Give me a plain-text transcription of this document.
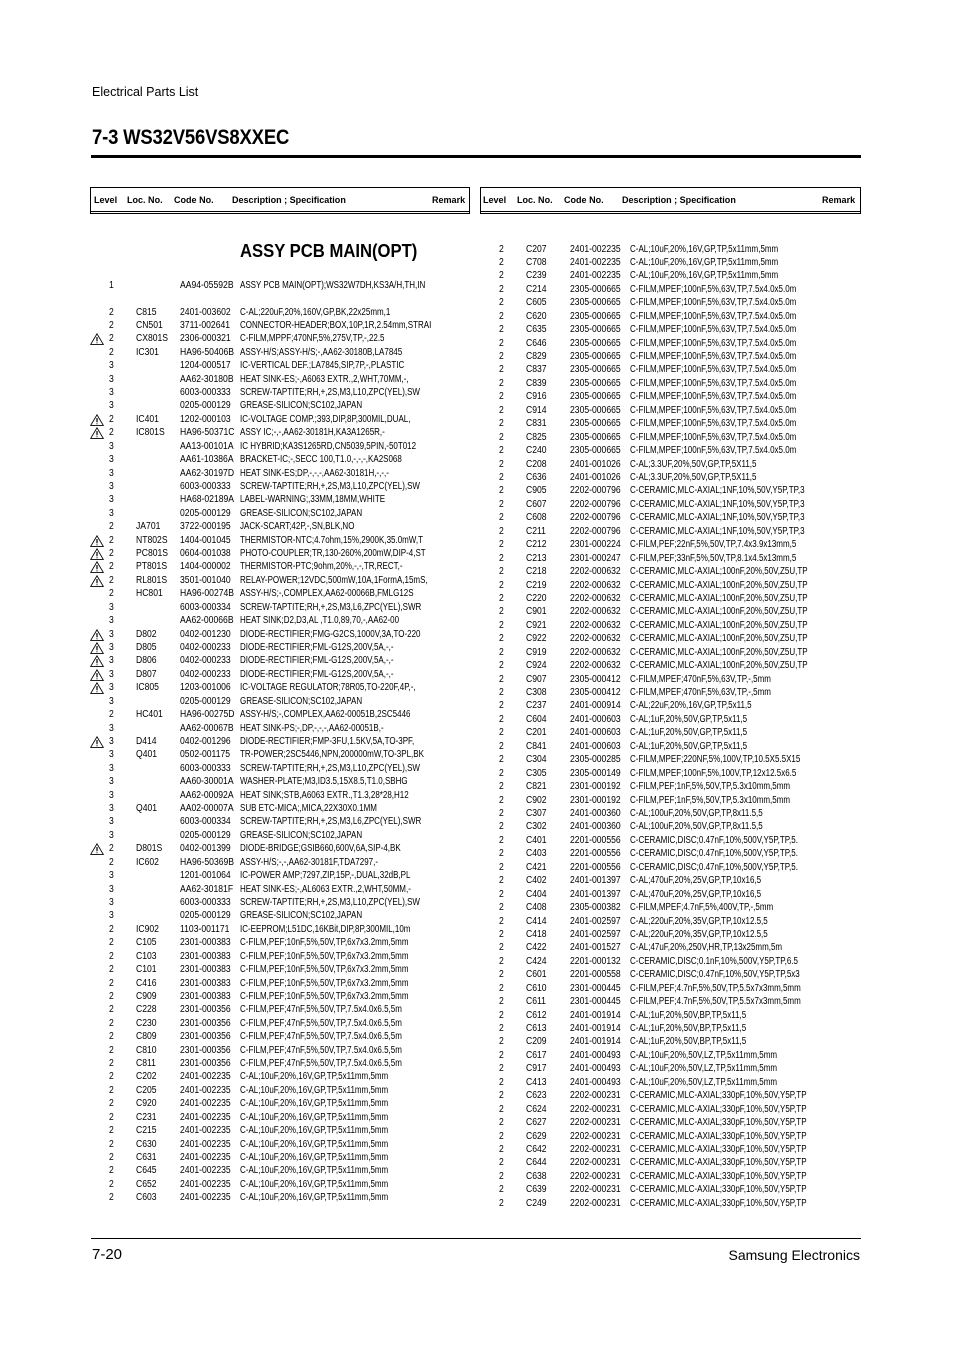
Electrical Parts List
7-3 WS32V56VS8XXEC
Level Loc. No. Code No. Description ; Specification	Remark Level Loc. No. Code No. Description ; Specification	Remark
ASSY PCB MAIN(OPT)
1	AA94-05592B ASSY PCB MAIN(OPT);WS32W7DH,KS3A/H,TH,IN
2 C815	2401-003602 C-AL;220uF,20%,160V,GP,BK,22x25mm,1
2 CN501	3711-002641 CONNECTOR-HEADER;BOX,10P,1R,2.54mm,STRAI
2 CX801S	2306-000321 C-FILM,MPPF;470NF,5%,275V,TP,-,22.5
2 IC301	HA96-50406B ASSY-H/S;ASSY-H/S;-,AA62-30180B,LA7845
3	1204-000517 IC-VERTICAL DEF.;LA7845,SIP,7P,-,PLASTIC
3	AA62-30180B HEAT SINK-ES;-,A6063 EXTR.,2,WHT,70MM,-,
3	6003-000333 SCREW-TAPTITE;RH,+,2S,M3,L10,ZPC(YEL),SW
3	0205-000129 GREASE-SILICON;SC102,JAPAN
2 IC401	1202-000103 IC-VOLTAGE COMP.;393,DIP,8P,300MIL,DUAL,
2 IC801S	HA96-50371C ASSY IC;-,-,AA62-30181H,KA3A1265R,-
3	AA13-00101A IC HYBRID;KA3S1265RD,CN5039,5PIN,-50T012
3	AA61-10386A BRACKET-IC;-,SECC 100,T1.0,-,-,-,KA2S068
3	AA62-30197D HEAT SINK-ES;DP,-,-,-,AA62-30181H,-,-,-
3	6003-000333 SCREW-TAPTITE;RH,+,2S,M3,L10,ZPC(YEL),SW
3	HA68-02189A LABEL-WARNING;,33MM,18MM,WHITE
3	0205-000129 GREASE-SILICON;SC102,JAPAN
2 JA701	3722-000195 JACK-SCART;42P,-,SN,BLK,NO
2 NT802S	1404-001045 THERMISTOR-NTC;4.7ohm,15%,2900K,35.0mW,T
2 PC801S	0604-001038 PHOTO-COUPLER;TR,130-260%,200mW,DIP-4,ST
2 PT801S	1404-000002 THERMISTOR-PTC;9ohm,20%,-,-,TR,RECT,-
2 RL801S	3501-001040 RELAY-POWER;12VDC,500mW,10A,1FormA,15mS,
2 HC801	HA96-00274B ASSY-H/S;-,COMPLEX,AA62-00066B,FMLG12S
3	6003-000334 SCREW-TAPTITE;RH,+,2S,M3,L6,ZPC(YEL),SWR
3	AA62-00066B HEAT SINK;D2,D3,AL ,T1.0,89,70,-,AA62-00
3 D802	0402-001230 DIODE-RECTIFIER;FMG-G2CS,1000V,3A,TO-220
3 D805	0402-000233 DIODE-RECTIFIER;FML-G12S,200V,5A,-,-
3 D806	0402-000233 DIODE-RECTIFIER;FML-G12S,200V,5A,-,-
3 D807	0402-000233 DIODE-RECTIFIER;FML-G12S,200V,5A,-,-
3 IC805	1203-001006 IC-VOLTAGE REGULATOR;78R05,TO-220F,4P,-,
3	0205-000129 GREASE-SILICON;SC102,JAPAN
2 HC401	HA96-00275D ASSY-H/S;-,COMPLEX,AA62-00051B,2SC5446
3	AA62-00067B HEAT SINK-PS;-,DP,-,-,-,AA62-00051B,-
3 D414	0402-001296 DIODE-RECTIFIER;FMP-3FU,1.5KV,5A,TO-3PF,
3 Q401	0502-001175 TR-POWER;2SC5446,NPN,200000mW,TO-3PL,BK
3	6003-000333 SCREW-TAPTITE;RH,+,2S,M3,L10,ZPC(YEL),SW
3	AA60-30001A WASHER-PLATE;M3,ID3.5,15X8.5,T1.0,SBHG
3	AA62-00092A HEAT SINK;STB,A6063 EXTR.,T1.3,28*28,H12
3 Q401	AA02-00007A SUB ETC-MICA;,MICA,22X30X0.1MM
3	6003-000334 SCREW-TAPTITE;RH,+,2S,M3,L6,ZPC(YEL),SWR
3	0205-000129 GREASE-SILICON;SC102,JAPAN
2 D801S	0402-001399 DIODE-BRIDGE;GSIB660,600V,6A,SIP-4,BK
2 IC602	HA96-50369B ASSY-H/S;-,-,AA62-30181F,TDA7297,-
3	1201-001064 IC-POWER AMP;7297,ZIP,15P,-,DUAL,32dB,PL
3	AA62-30181F HEAT SINK-ES;-,AL6063 EXTR.,2,WHT,50MM,-
3	6003-000333 SCREW-TAPTITE;RH,+,2S,M3,L10,ZPC(YEL),SW
3	0205-000129 GREASE-SILICON;SC102,JAPAN
2 IC902	1103-001171	IC-EEPROM;L51DC,16KBit,DIP,8P,300MIL,10m
2 C105	2301-000383 C-FILM,PEF;10nF,5%,50V,TP,6x7x3.2mm,5mm
2 C103	2301-000383 C-FILM,PEF;10nF,5%,50V,TP,6x7x3.2mm,5mm
2 C101	2301-000383 C-FILM,PEF;10nF,5%,50V,TP,6x7x3.2mm,5mm
2 C416	2301-000383 C-FILM,PEF;10nF,5%,50V,TP,6x7x3.2mm,5mm
2 C909	2301-000383 C-FILM,PEF;10nF,5%,50V,TP,6x7x3.2mm,5mm
2 C228	2301-000356 C-FILM,PEF;47nF,5%,50V,TP,7.5x4.0x6.5,5m
2 C230	2301-000356 C-FILM,PEF;47nF,5%,50V,TP,7.5x4.0x6.5,5m
2 C809	2301-000356 C-FILM,PEF;47nF,5%,50V,TP,7.5x4.0x6.5,5m
2 C810	2301-000356 C-FILM,PEF;47nF,5%,50V,TP,7.5x4.0x6.5,5m
2 C811	2301-000356 C-FILM,PEF;47nF,5%,50V,TP,7.5x4.0x6.5,5m
2 C202	2401-002235 C-AL;10uF,20%,16V,GP,TP,5x11mm,5mm
2 C205	2401-002235 C-AL;10uF,20%,16V,GP,TP,5x11mm,5mm
2 C920	2401-002235 C-AL;10uF,20%,16V,GP,TP,5x11mm,5mm
2 C231	2401-002235 C-AL;10uF,20%,16V,GP,TP,5x11mm,5mm
2 C215	2401-002235 C-AL;10uF,20%,16V,GP,TP,5x11mm,5mm
2 C630	2401-002235 C-AL;10uF,20%,16V,GP,TP,5x11mm,5mm
2 C631	2401-002235 C-AL;10uF,20%,16V,GP,TP,5x11mm,5mm
2 C645	2401-002235 C-AL;10uF,20%,16V,GP,TP,5x11mm,5mm
2 C652	2401-002235 C-AL;10uF,20%,16V,GP,TP,5x11mm,5mm
2 C603	2401-002235 C-AL;10uF,20%,16V,GP,TP,5x11mm,5mm
2 C207	2401-002235 C-AL;10uF,20%,16V,GP,TP,5x11mm,5mm
2 C708	2401-002235 C-AL;10uF,20%,16V,GP,TP,5x11mm,5mm
2 C239	2401-002235 C-AL;10uF,20%,16V,GP,TP,5x11mm,5mm
2 C214	2305-000665 C-FILM,MPEF;100nF,5%,63V,TP,7.5x4.0x5.0m
2 C605	2305-000665 C-FILM,MPEF;100nF,5%,63V,TP,7.5x4.0x5.0m
2 C620	2305-000665 C-FILM,MPEF;100nF,5%,63V,TP,7.5x4.0x5.0m
2 C635	2305-000665 C-FILM,MPEF;100nF,5%,63V,TP,7.5x4.0x5.0m
2 C646	2305-000665 C-FILM,MPEF;100nF,5%,63V,TP,7.5x4.0x5.0m
2 C829	2305-000665 C-FILM,MPEF;100nF,5%,63V,TP,7.5x4.0x5.0m
2 C837	2305-000665 C-FILM,MPEF;100nF,5%,63V,TP,7.5x4.0x5.0m
2 C839	2305-000665 C-FILM,MPEF;100nF,5%,63V,TP,7.5x4.0x5.0m
2 C916	2305-000665 C-FILM,MPEF;100nF,5%,63V,TP,7.5x4.0x5.0m
2 C914	2305-000665 C-FILM,MPEF;100nF,5%,63V,TP,7.5x4.0x5.0m
2 C831	2305-000665 C-FILM,MPEF;100nF,5%,63V,TP,7.5x4.0x5.0m
2 C825	2305-000665 C-FILM,MPEF;100nF,5%,63V,TP,7.5x4.0x5.0m
2 C240	2305-000665 C-FILM,MPEF;100nF,5%,63V,TP,7.5x4.0x5.0m
2 C208	2401-001026 C-AL;3.3UF,20%,50V,GP,TP,5X11,5
2 C636	2401-001026 C-AL;3.3UF,20%,50V,GP,TP,5X11,5
2 C905	2202-000796 C-CERAMIC,MLC-AXIAL;1NF,10%,50V,Y5P,TP,3
2 C607	2202-000796 C-CERAMIC,MLC-AXIAL;1NF,10%,50V,Y5P,TP,3
2 C608	2202-000796 C-CERAMIC,MLC-AXIAL;1NF,10%,50V,Y5P,TP,3
2 C211	2202-000796 C-CERAMIC,MLC-AXIAL;1NF,10%,50V,Y5P,TP,3
2 C212	2301-000224 C-FILM,PEF;22nF,5%,50V,TP,7.4x3.9x13mm,5
2 C213	2301-000247 C-FILM,PEF;33nF,5%,50V,TP,8.1x4.5x13mm,5
2 C218	2202-000632 C-CERAMIC,MLC-AXIAL;100nF,20%,50V,Z5U,TP
2 C219	2202-000632 C-CERAMIC,MLC-AXIAL;100nF,20%,50V,Z5U,TP
2 C220	2202-000632 C-CERAMIC,MLC-AXIAL;100nF,20%,50V,Z5U,TP
2 C901	2202-000632 C-CERAMIC,MLC-AXIAL;100nF,20%,50V,Z5U,TP
2 C921	2202-000632 C-CERAMIC,MLC-AXIAL;100nF,20%,50V,Z5U,TP
2 C922	2202-000632 C-CERAMIC,MLC-AXIAL;100nF,20%,50V,Z5U,TP
2 C919	2202-000632 C-CERAMIC,MLC-AXIAL;100nF,20%,50V,Z5U,TP
2 C924	2202-000632 C-CERAMIC,MLC-AXIAL;100nF,20%,50V,Z5U,TP
2 C907	2305-000412 C-FILM,MPEF;470nF,5%,63V,TP,-,5mm
2 C308	2305-000412 C-FILM,MPEF;470nF,5%,63V,TP,-,5mm
2 C237	2401-000914 C-AL;22uF,20%,16V,GP,TP,5x11,5
2 C604	2401-000603 C-AL;1uF,20%,50V,GP,TP,5x11,5
2 C201	2401-000603 C-AL;1uF,20%,50V,GP,TP,5x11,5
2 C841	2401-000603 C-AL;1uF,20%,50V,GP,TP,5x11,5
2 C304	2305-000285 C-FILM,MPEF;220NF,5%,100V,TP,10.5X5.5X15
2 C305	2305-000149 C-FILM,MPEF;100nF,5%,100V,TP,12x12.5x6.5
2 C821	2301-000192 C-FILM,PEF;1nF,5%,50V,TP,5.3x10mm,5mm
2 C902	2301-000192 C-FILM,PEF;1nF,5%,50V,TP,5.3x10mm,5mm
2 C307	2401-000360 C-AL;100uF,20%,50V,GP,TP,8x11.5,5
2 C302	2401-000360 C-AL;100uF,20%,50V,GP,TP,8x11.5,5
2 C401	2201-000556 C-CERAMIC,DISC;0.47nF,10%,500V,Y5P,TP,5.
2 C403	2201-000556 C-CERAMIC,DISC;0.47nF,10%,500V,Y5P,TP,5.
2 C421	2201-000556 C-CERAMIC,DISC;0.47nF,10%,500V,Y5P,TP,5.
2 C402	2401-001397 C-AL;470uF,20%,25V,GP,TP,10x16,5
2 C404	2401-001397 C-AL;470uF,20%,25V,GP,TP,10x16,5
2 C408	2305-000382 C-FILM,MPEF;4.7nF,5%,400V,TP,-,5mm
2 C414	2401-002597 C-AL;220uF,20%,35V,GP,TP,10x12.5,5
2 C418	2401-002597 C-AL;220uF,20%,35V,GP,TP,10x12.5,5
2 C422	2401-001527 C-AL;47uF,20%,250V,HR,TP,13x25mm,5m
2 C424	2201-000132 C-CERAMIC,DISC;0.1nF,10%,500V,Y5P,TP,6.5
2 C601	2201-000558 C-CERAMIC,DISC;0.47nF,10%,50V,Y5P,TP,5x3
2 C610	2301-000445 C-FILM,PEF;4.7nF,5%,50V,TP,5.5x7x3mm,5mm
2 C611	2301-000445 C-FILM,PEF;4.7nF,5%,50V,TP,5.5x7x3mm,5mm
2 C612	2401-001914 C-AL;1uF,20%,50V,BP,TP,5x11,5
2 C613	2401-001914 C-AL;1uF,20%,50V,BP,TP,5x11,5
2 C209	2401-001914 C-AL;1uF,20%,50V,BP,TP,5x11,5
2 C617	2401-000493 C-AL;10uF,20%,50V,LZ,TP,5x11mm,5mm
2 C917	2401-000493 C-AL;10uF,20%,50V,LZ,TP,5x11mm,5mm
2 C413	2401-000493 C-AL;10uF,20%,50V,LZ,TP,5x11mm,5mm
2 C623	2202-000231 C-CERAMIC,MLC-AXIAL;330pF,10%,50V,Y5P,TP
2 C624	2202-000231 C-CERAMIC,MLC-AXIAL;330pF,10%,50V,Y5P,TP
2 C627	2202-000231 C-CERAMIC,MLC-AXIAL;330pF,10%,50V,Y5P,TP
2 C629	2202-000231 C-CERAMIC,MLC-AXIAL;330pF,10%,50V,Y5P,TP
2 C642	2202-000231 C-CERAMIC,MLC-AXIAL;330pF,10%,50V,Y5P,TP
2 C644	2202-000231 C-CERAMIC,MLC-AXIAL;330pF,10%,50V,Y5P,TP
2 C638	2202-000231 C-CERAMIC,MLC-AXIAL;330pF,10%,50V,Y5P,TP
2 C639	2202-000231 C-CERAMIC,MLC-AXIAL;330pF,10%,50V,Y5P,TP
2 C249	2202-000231 C-CERAMIC,MLC-AXIAL;330pF,10%,50V,Y5P,TP
7-20	Samsung Electronics
